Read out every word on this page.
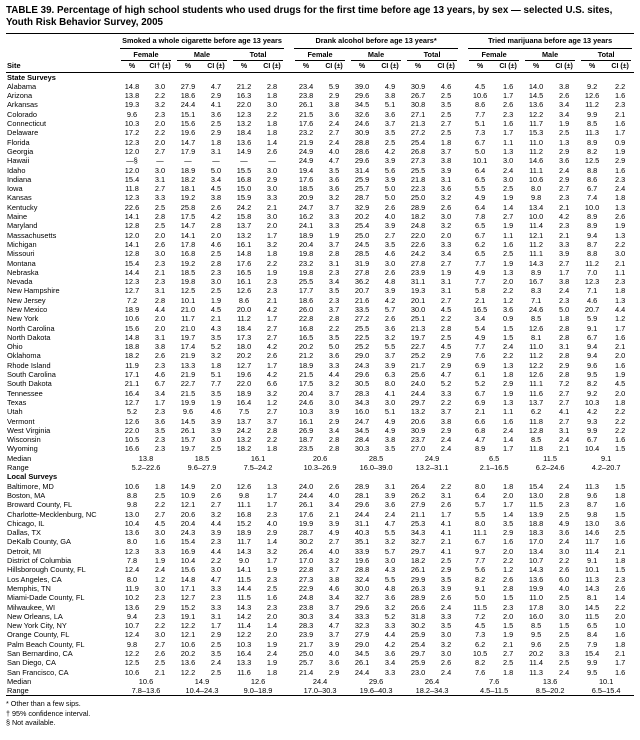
TABLE 39. Percentage of high school students who used drugs for the first time before age 13 years, by sex — selected U.S. sites, Youth Risk Behavior Survey, 2005
Site	Smoked a whole cigarette before age 13 years						Drank alcohol before age 13 years*						Tried marijuana before age 13 years					

	Female		Male		Total		Female		Male		Total		Female		Male		Total	

	%	CI† (±)	%	CI (±)	%	CI (±)	%	CI (±)	%	CI (±)	%	CI (±)	%	CI (±)	%	CI (±)	%	CI (±)
State Surveys																		
Alabama	14.8	3.0	27.9	4.7	21.2	2.8	23.4	5.9	39.0	4.9	30.9	4.6	4.5	1.6	14.0	3.8	9.2	2.2
Arizona	13.8	2.2	18.6	2.9	16.3	1.8	23.8	2.9	29.6	3.8	26.7	2.5	10.6	1.7	14.5	2.6	12.6	1.6
Arkansas	19.3	3.2	24.4	4.1	22.0	3.0	26.1	3.8	34.5	5.1	30.8	3.5	8.6	2.6	13.6	3.4	11.2	2.3
Colorado	9.6	2.3	15.1	3.6	12.3	2.2	21.5	3.6	32.6	3.6	27.1	2.5	7.7	2.3	12.2	3.4	9.9	2.1
Connecticut	10.3	2.0	15.6	2.5	13.2	1.8	17.6	2.4	24.6	3.7	21.3	2.7	5.1	1.6	11.7	1.9	8.5	1.6
Delaware	17.2	2.2	19.6	2.9	18.4	1.8	23.2	2.7	30.9	3.5	27.2	2.5	7.3	1.7	15.3	2.5	11.3	1.7
Florida	12.3	2.0	14.7	1.8	13.6	1.4	21.9	2.4	28.8	2.5	25.4	1.8	6.7	1.1	11.0	1.3	8.9	0.9
Georgia	12.0	2.7	17.9	3.1	14.9	2.6	24.9	4.0	28.6	4.2	26.8	3.7	5.0	1.3	11.2	2.9	8.2	1.9
Hawaii	—§	—	—	—	—	—	24.9	4.7	29.6	3.9	27.3	3.8	10.1	3.0	14.6	3.6	12.5	2.9
Idaho	12.0	3.0	18.9	5.0	15.5	3.0	19.4	3.5	31.4	5.6	25.5	3.9	6.4	2.4	11.1	2.4	8.8	1.6
Indiana	15.4	3.1	18.2	3.4	16.8	2.9	17.6	3.6	25.9	3.9	21.8	3.1	6.5	3.0	10.6	2.9	8.6	2.3
Iowa	11.8	2.7	18.1	4.5	15.0	3.0	18.5	3.6	25.7	5.0	22.3	3.6	5.5	2.5	8.0	2.7	6.7	2.4
Kansas	12.3	3.3	19.2	3.8	15.9	3.3	20.9	3.2	28.7	5.0	25.0	3.2	4.9	1.9	9.8	2.3	7.4	1.8
Kentucky	22.6	2.5	25.8	2.6	24.2	2.1	24.7	3.7	32.9	2.6	28.9	2.6	6.4	1.4	13.4	2.1	10.0	1.3
Maine	14.1	2.8	17.5	4.2	15.8	3.0	16.2	3.3	20.2	4.0	18.2	3.0	7.8	2.7	10.0	4.2	8.9	2.6
Maryland	12.8	2.5	14.7	2.8	13.7	2.0	24.1	3.3	25.4	3.9	24.8	3.2	6.5	1.9	11.4	2.3	8.9	1.9
Massachusetts	12.0	2.0	14.1	2.0	13.2	1.7	18.9	1.9	25.0	2.7	22.0	2.0	6.7	1.1	12.1	2.1	9.4	1.3
Michigan	14.1	2.6	17.8	4.6	16.1	3.2	20.4	3.7	24.5	3.5	22.6	3.3	6.2	1.6	11.2	3.3	8.7	2.2
Missouri	12.8	3.0	16.8	2.5	14.8	1.8	19.8	2.8	28.5	4.6	24.2	3.4	6.5	2.5	11.1	3.9	8.8	3.0
Montana	15.4	2.3	19.2	2.8	17.6	2.2	23.2	3.1	31.9	3.0	27.8	2.7	7.7	1.9	14.3	2.7	11.2	2.1
Nebraska	14.4	2.1	18.5	2.3	16.5	1.9	19.8	2.3	27.8	2.6	23.9	1.9	4.9	1.3	8.9	1.7	7.0	1.1
Nevada	12.3	2.3	19.8	3.0	16.1	2.3	25.5	3.4	36.2	4.8	31.1	3.1	7.7	2.0	16.7	3.8	12.3	2.3
New Hampshire	12.7	3.1	12.5	2.5	12.6	2.3	17.7	3.5	20.7	3.9	19.3	3.1	5.8	2.2	8.3	2.4	7.1	1.8
New Jersey	7.2	2.8	10.1	1.9	8.6	2.1	18.6	2.3	21.6	4.2	20.1	2.7	2.1	1.2	7.1	2.3	4.6	1.3
New Mexico	18.9	4.4	21.0	4.5	20.0	4.2	26.0	3.7	33.5	5.7	30.0	4.5	16.5	3.6	24.6	5.0	20.7	4.4
New York	10.6	2.0	11.7	2.1	11.2	1.7	22.8	2.8	27.2	2.6	25.1	2.2	3.4	0.9	8.5	1.8	5.9	1.2
North Carolina	15.6	2.0	21.0	4.3	18.4	2.7	16.8	2.2	25.5	3.6	21.3	2.8	5.4	1.5	12.6	2.8	9.1	1.7
North Dakota	14.8	3.1	19.7	3.5	17.3	2.7	16.5	3.5	22.5	3.2	19.7	2.5	4.9	1.5	8.1	2.8	6.7	1.6
Ohio	18.8	3.8	17.4	5.2	18.0	4.2	20.2	5.0	25.2	5.5	22.7	4.5	7.7	2.4	11.0	3.1	9.4	2.1
Oklahoma	18.2	2.6	21.9	3.2	20.2	2.6	21.2	3.6	29.0	3.7	25.2	2.9	7.6	2.2	11.2	2.8	9.4	2.0
Rhode Island	11.9	2.3	13.3	1.8	12.7	1.7	18.9	3.3	24.3	3.9	21.7	2.9	6.9	1.3	12.2	2.9	9.6	1.6
South Carolina	17.1	4.6	21.9	5.1	19.6	4.2	21.5	4.4	29.6	6.3	25.6	4.7	6.1	1.8	12.6	2.8	9.5	1.9
South Dakota	21.1	6.7	22.7	7.7	22.0	6.6	17.5	3.2	30.5	8.0	24.0	5.2	5.2	2.9	11.1	7.2	8.2	4.5
Tennessee	16.4	3.4	21.5	3.5	18.9	3.2	20.4	3.7	28.3	4.1	24.4	3.3	6.7	1.9	11.6	2.7	9.2	2.0
Texas	12.7	1.7	19.9	1.9	16.4	1.2	24.6	3.0	34.3	3.0	29.7	2.2	6.9	1.3	13.7	2.7	10.3	1.8
Utah	5.2	2.3	9.6	4.6	7.5	2.7	10.3	3.9	16.0	5.1	13.2	3.7	2.1	1.1	6.2	4.1	4.2	2.2
Vermont	12.6	3.6	14.5	3.9	13.7	3.7	16.1	2.9	24.7	4.9	20.6	3.8	6.6	1.6	11.8	2.7	9.3	2.2
West Virginia	22.0	3.5	26.1	3.9	24.2	2.8	26.9	3.4	34.5	4.9	30.9	2.9	6.8	2.4	12.8	3.1	9.9	2.2
Wisconsin	10.5	2.3	15.7	3.0	13.2	2.2	18.7	2.8	28.4	3.8	23.7	2.4	4.7	1.4	8.5	2.4	6.7	1.6
Wyoming	16.6	2.3	19.7	2.5	18.2	1.8	23.5	2.8	30.3	3.5	27.0	2.4	8.9	1.7	11.8	2.1	10.4	1.5
Median	13.8		18.5		16.1		20.6		28.5		24.9		6.5		11.5		9.1	
Range	5.2–22.6		9.6–27.9		7.5–24.2		10.3–26.9		16.0–39.0		13.2–31.1		2.1–16.5		6.2–24.6		4.2–20.7	
Local Surveys																		
Baltimore, MD	10.6	1.8	14.9	2.0	12.6	1.3	24.0	2.6	28.9	3.1	26.4	2.2	8.0	1.8	15.4	2.4	11.3	1.5
Boston, MA	8.8	2.5	10.9	2.6	9.8	1.7	24.4	4.0	28.1	3.9	26.2	3.1	6.4	2.0	13.0	2.8	9.6	1.8
Broward County, FL	9.8	2.2	12.1	2.7	11.1	1.7	26.1	3.4	29.6	3.6	27.9	2.6	5.7	1.7	11.5	2.3	8.7	1.6
Charlotte-Mecklenburg, NC	13.0	2.7	20.6	3.2	16.8	2.3	17.6	2.1	24.4	2.4	21.1	1.7	5.5	1.4	13.9	2.5	9.8	1.5
Chicago, IL	10.4	4.5	20.4	4.4	15.2	4.0	19.9	3.9	31.1	4.7	25.3	4.1	8.0	3.5	18.8	4.9	13.0	3.6
Dallas, TX	13.6	3.0	24.3	3.9	18.9	2.9	28.7	4.9	40.3	5.5	34.3	4.1	11.1	2.9	18.3	3.6	14.6	2.5
DeKalb County, GA	8.0	1.6	15.4	2.3	11.7	1.4	30.2	2.7	35.1	3.2	32.7	2.1	6.7	1.6	17.0	2.4	11.7	1.6
Detroit, MI	12.3	3.3	16.9	4.4	14.3	3.2	26.4	4.0	33.9	5.7	29.7	4.1	9.7	2.0	13.4	3.0	11.4	2.1
District of Columbia	7.8	1.9	10.4	2.2	9.0	1.7	17.0	3.2	19.6	3.0	18.2	2.5	7.7	2.2	10.7	2.2	9.1	1.8
Hillsborough County, FL	12.4	2.4	15.6	3.0	14.1	1.9	22.8	3.7	28.8	4.3	26.1	2.9	5.6	1.2	14.3	2.6	10.1	1.5
Los Angeles, CA	8.0	1.2	14.8	4.7	11.5	2.3	27.3	3.8	32.4	5.5	29.9	3.5	8.2	2.6	13.6	6.0	11.3	2.3
Memphis, TN	11.9	3.0	17.1	3.3	14.4	2.5	22.9	4.6	30.0	4.8	26.3	3.9	9.1	2.8	19.9	4.0	14.3	2.6
Miami-Dade County, FL	10.2	2.3	12.7	2.3	11.5	1.6	24.8	3.4	32.7	3.6	28.9	2.6	5.0	1.5	11.0	2.5	8.1	1.4
Milwaukee, WI	13.6	2.9	15.2	3.3	14.3	2.3	23.8	3.7	29.6	3.2	26.6	2.4	11.5	2.3	17.8	3.0	14.5	2.2
New Orleans, LA	9.4	2.3	19.1	3.1	14.2	2.0	30.3	3.4	33.3	5.2	31.8	3.3	7.2	2.0	16.0	3.0	11.5	2.0
New York City, NY	10.7	2.2	12.2	1.7	11.4	1.4	28.3	4.7	32.3	3.3	30.2	3.5	4.5	1.5	8.5	1.5	6.5	1.0
Orange County, FL	12.4	3.0	12.1	2.9	12.2	2.0	23.9	3.7	27.9	4.4	25.9	3.0	7.3	1.9	9.5	2.5	8.4	1.6
Palm Beach County, FL	9.8	2.7	10.6	2.5	10.3	1.9	21.7	3.9	29.0	4.2	25.4	3.2	6.2	2.1	9.6	2.5	7.9	1.8
San Bernardino, CA	12.2	2.6	20.2	3.5	16.4	2.4	25.0	4.0	34.5	3.6	29.7	3.0	10.5	2.7	20.2	3.3	15.4	2.1
San Diego, CA	12.5	2.5	13.6	2.4	13.3	1.9	25.7	3.6	26.1	3.4	25.9	2.6	8.2	2.5	11.4	2.5	9.9	1.7
San Francisco, CA	10.6	2.1	12.2	2.5	11.6	1.8	21.4	2.9	24.4	3.3	23.0	2.4	7.6	1.8	11.3	2.4	9.5	1.6
Median	10.6		14.9		12.6		24.4		29.6		26.4		7.6		13.6		10.1	
Range	7.8–13.6		10.4–24.3		9.0–18.9		17.0–30.3		19.6–40.3		18.2–34.3		4.5–11.5		8.5–20.2		6.5–15.4	
* Other than a few sips.
† 95% confidence interval.
§ Not available.
